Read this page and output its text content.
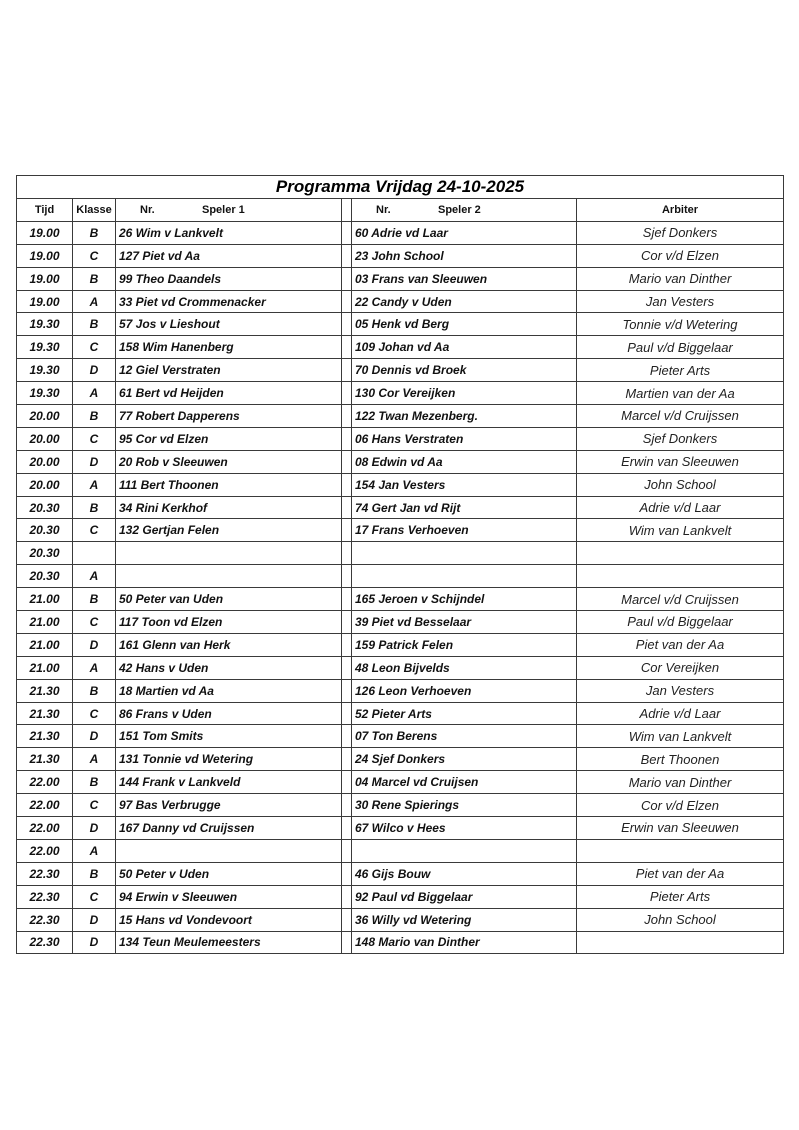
Programma Vrijdag 24-10-2025					
Tijd	Klasse	Nr. Speler 1		Nr. Speler 2	Arbiter
19.00	B	26 Wim v Lankvelt		60 Adrie vd Laar	Sjef Donkers
19.00	C	127 Piet vd Aa		23 John School	Cor v/d Elzen
19.00	B	99 Theo Daandels		03 Frans van Sleeuwen	Mario van Dinther
19.00	A	33 Piet vd Crommenacker		22 Candy v Uden	Jan Vesters
19.30	B	57 Jos v Lieshout		05 Henk vd Berg	Tonnie v/d Wetering
19.30	C	158 Wim Hanenberg		109 Johan vd Aa	Paul v/d Biggelaar
19.30	D	12 Giel Verstraten		70 Dennis vd Broek	Pieter Arts
19.30	A	61 Bert vd Heijden		130 Cor Vereijken	Martien van der Aa
20.00	B	77 Robert Dapperens		122 Twan Mezenberg.	Marcel v/d Cruijssen
20.00	C	95 Cor vd Elzen		06 Hans Verstraten	Sjef Donkers
20.00	D	20 Rob v Sleeuwen		08 Edwin vd Aa	Erwin van Sleeuwen
20.00	A	111 Bert Thoonen		154 Jan Vesters	John School
20.30	B	34 Rini Kerkhof		74 Gert Jan vd Rijt	Adrie v/d Laar
20.30	C	132 Gertjan Felen		17 Frans Verhoeven	Wim van Lankvelt
20.30					
20.30	A				
21.00	B	50 Peter van Uden		165 Jeroen v Schijndel	Marcel v/d Cruijssen
21.00	C	117 Toon vd Elzen		39 Piet vd Besselaar	Paul v/d Biggelaar
21.00	D	161 Glenn van Herk		159 Patrick Felen	Piet van der Aa
21.00	A	42 Hans v Uden		48 Leon Bijvelds	Cor Vereijken
21.30	B	18 Martien vd Aa		126 Leon Verhoeven	Jan Vesters
21.30	C	86 Frans v Uden		52 Pieter Arts	Adrie v/d Laar
21.30	D	151 Tom Smits		07 Ton Berens	Wim van Lankvelt
21.30	A	131 Tonnie vd Wetering		24 Sjef Donkers	Bert Thoonen
22.00	B	144 Frank v Lankveld		04 Marcel vd Cruijsen	Mario van Dinther
22.00	C	97 Bas Verbrugge		30 Rene Spierings	Cor v/d Elzen
22.00	D	167 Danny vd Cruijssen		67 Wilco v Hees	Erwin van Sleeuwen
22.00	A				
22.30	B	50 Peter v Uden		46 Gijs Bouw	Piet van der Aa
22.30	C	94 Erwin v Sleeuwen		92 Paul vd Biggelaar	Pieter Arts
22.30	D	15 Hans vd Vondevoort		36 Willy vd Wetering	John School
22.30	D	134 Teun Meulemeesters		148 Mario van Dinther	
